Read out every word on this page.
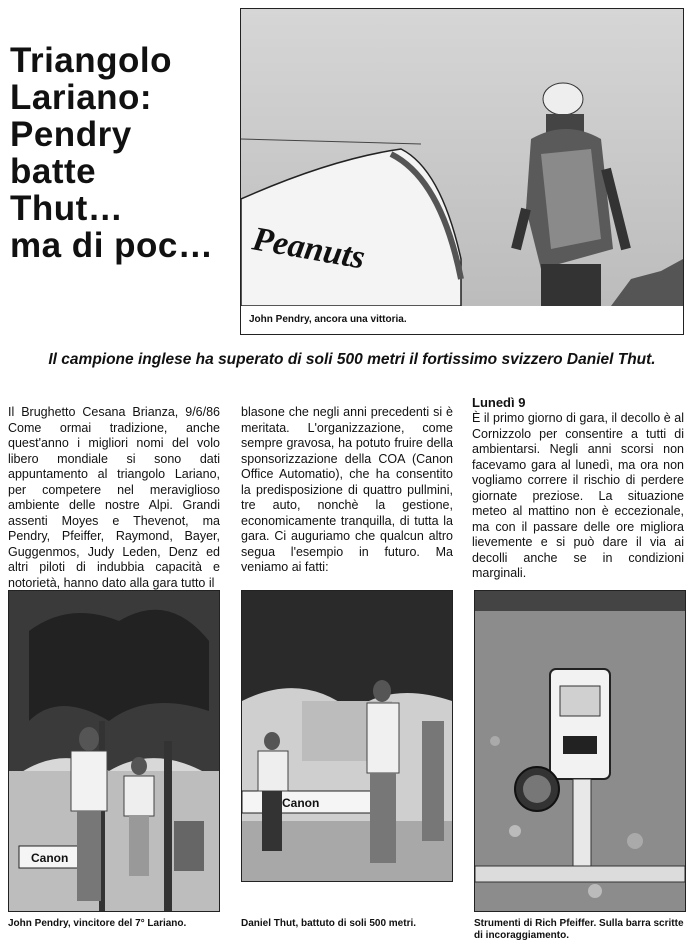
Triangolo
Lariano:
Pendry
batte
Thut…
ma di poc…	Peanuts
John Pendry, ancora una vittoria.
Il campione inglese ha superato di soli 500 metri il fortissimo svizzero Daniel Thut.

Il Brughetto Cesana Brianza, 9/6/86 Come ormai tradizione, anche quest'anno i migliori nomi del volo libero mondiale si sono dati appuntamento al triangolo Lariano, per competere nel meraviglioso ambiente delle nostre Alpi. Grandi assenti Moyes e Thevenot, ma Pendry, Pfeiffer, Raymond, Bayer, Guggenmos, Judy Leden, Denz ed altri piloti di indubbia capacità e notorietà, hanno dato alla gara tutto il

blasone che negli anni precedenti si è meritata. L'organizzazione, come sempre gravosa, ha potuto fruire della sponsorizzazione della COA (Canon Office Automatio), che ha consentito la predisposizione di quattro pullmini, tre auto, nonchè la gestione, economicamente tranquilla, di tutta la gara. Ci auguriamo che qualcun altro segua l'esempio in futuro. Ma veniamo ai fatti:

Lunedì 9

È il primo giorno di gara, il decollo è al Cornizzolo per consentire a tutti di ambientarsi. Negli anni scorsi non facevamo gara al lunedì, ma ora non vogliamo correre il rischio di perdere giornate preziose. La situazione meteo al mattino non è eccezionale, ma con il passare delle ore migliora lievemente e si può dare il via ai decolli anche se in condizioni marginali.

Canon
Canon
John Pendry, vincitore del 7° Lariano.	Daniel Thut, battuto di soli 500 metri.	Strumenti di Rich Pfeiffer. Sulla barra scritte di incoraggiamento.
